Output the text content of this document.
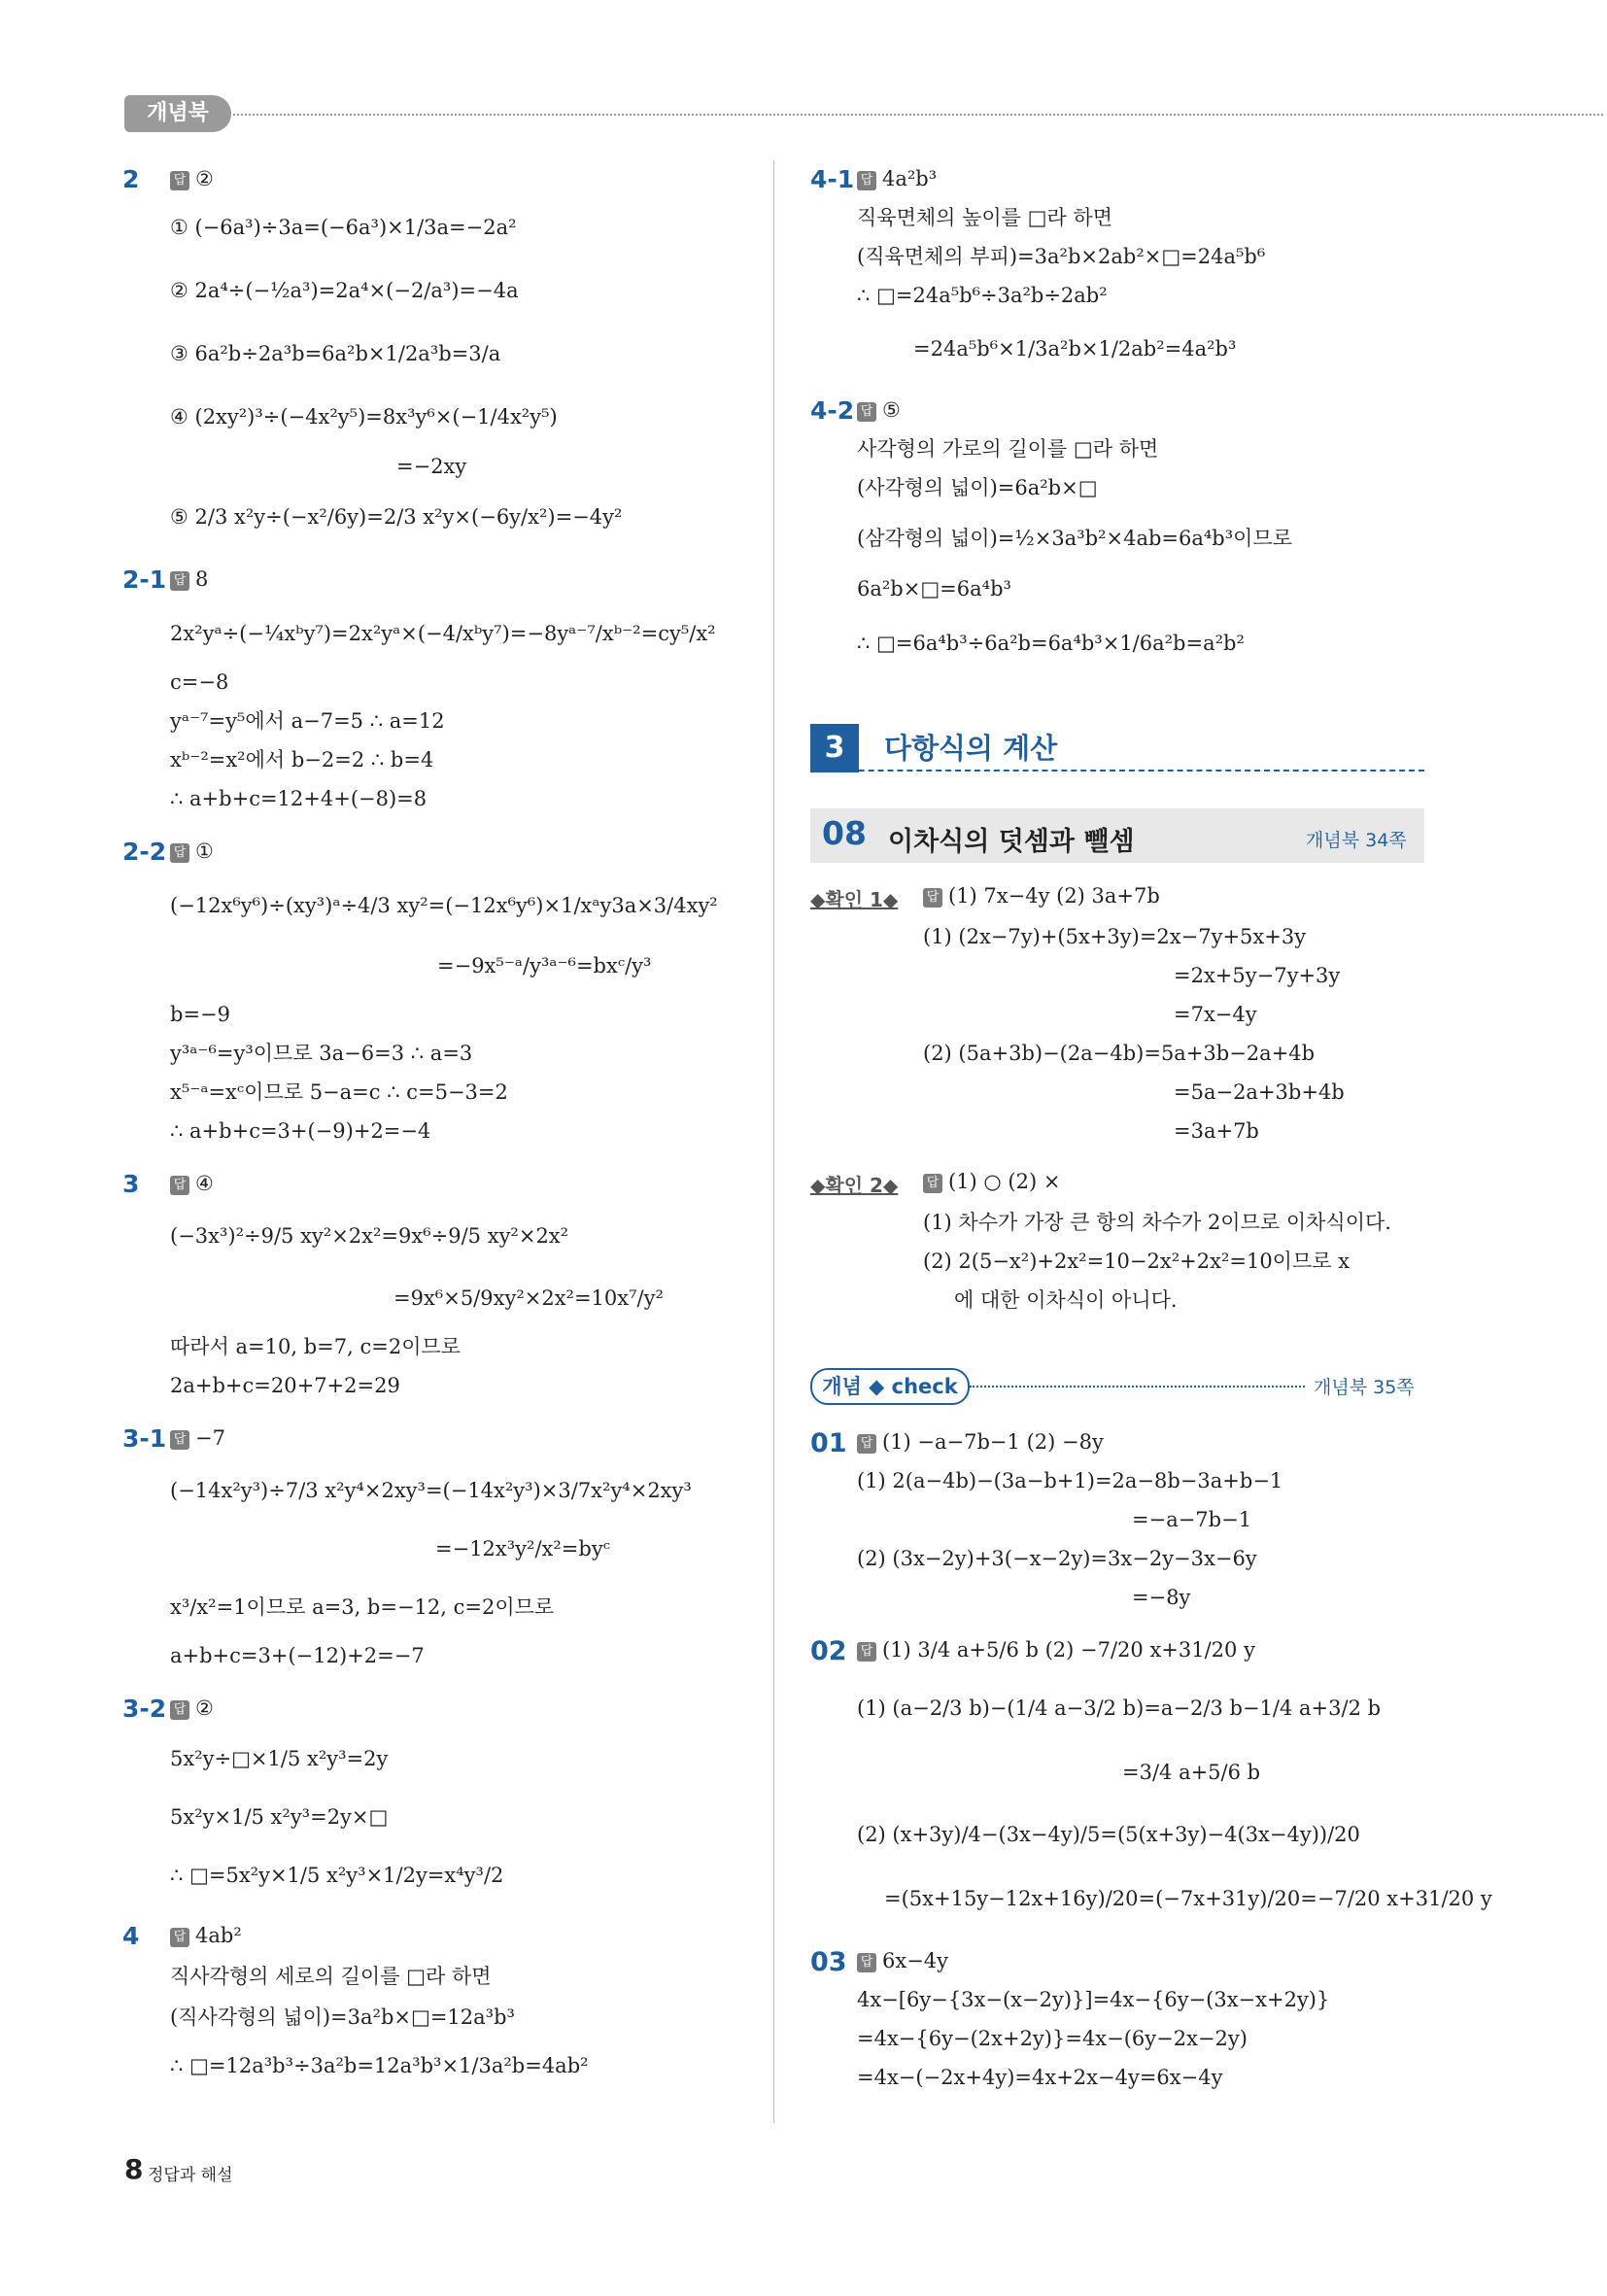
개념북
2	답 ②
① (−6a³)÷3a=(−6a³)×1/3a=−2a²
② 2a⁴÷(−½a³)=2a⁴×(−2/a³)=−4a
③ 6a²b÷2a³b=6a²b×1/2a³b=3/a
④ (2xy²)³÷(−4x²y⁵)=8x³y⁶×(−1/4x²y⁵)
=−2xy
⑤ 2/3 x²y÷(−x²/6y)=2/3 x²y×(−6y/x²)=−4y²
2-1 답 8
2x²yᵃ÷(−¼xᵇy⁷)=2x²yᵃ×(−4/xᵇy⁷)=−8yᵃ⁻⁷/xᵇ⁻²=cy⁵/x²
c=−8
yᵃ⁻⁷=y⁵에서 a−7=5 ∴ a=12
xᵇ⁻²=x²에서 b−2=2 ∴ b=4
∴ a+b+c=12+4+(−8)=8
2-2 답 ①
(−12x⁶y⁶)÷(xy³)ᵃ÷4/3 xy²=(−12x⁶y⁶)×1/xᵃy3a×3/4xy²
=−9x⁵⁻ᵃ/y³ᵃ⁻⁶=bxᶜ/y³
b=−9
y³ᵃ⁻⁶=y³이므로 3a−6=3 ∴ a=3
x⁵⁻ᵃ=xᶜ이므로 5−a=c ∴ c=5−3=2
∴ a+b+c=3+(−9)+2=−4
3	답 ④
(−3x³)²÷9/5 xy²×2x²=9x⁶÷9/5 xy²×2x²
=9x⁶×5/9xy²×2x²=10x⁷/y²
따라서 a=10, b=7, c=2이므로
2a+b+c=20+7+2=29
3-1 답 −7
(−14x²y³)÷7/3 x²y⁴×2xy³=(−14x²y³)×3/7x²y⁴×2xy³
=−12x³y²/x²=byᶜ
x³/x²=1이므로 a=3, b=−12, c=2이므로
a+b+c=3+(−12)+2=−7
3-2 답 ②
5x²y÷□×1/5 x²y³=2y
5x²y×1/5 x²y³=2y×□
∴ □=5x²y×1/5 x²y³×1/2y=x⁴y³/2
4	답 4ab²
직사각형의 세로의 길이를 □라 하면
(직사각형의 넓이)=3a²b×□=12a³b³
∴ □=12a³b³÷3a²b=12a³b³×1/3a²b=4ab²
4-1 답 4a²b³
직육면체의 높이를 □라 하면
(직육면체의 부피)=3a²b×2ab²×□=24a⁵b⁶
∴ □=24a⁵b⁶÷3a²b÷2ab²
=24a⁵b⁶×1/3a²b×1/2ab²=4a²b³
4-2 답 ⑤
사각형의 가로의 길이를 □라 하면
(사각형의 넓이)=6a²b×□
(삼각형의 넓이)=½×3a³b²×4ab=6a⁴b³이므로
6a²b×□=6a⁴b³
∴ □=6a⁴b³÷6a²b=6a⁴b³×1/6a²b=a²b²
3	다항식의 계산
08 이차식의 덧셈과 뺄셈	개념북 34쪽
◆확인 1◆ 답 (1) 7x−4y (2) 3a+7b
(1) (2x−7y)+(5x+3y)=2x−7y+5x+3y
=2x+5y−7y+3y
=7x−4y
(2) (5a+3b)−(2a−4b)=5a+3b−2a+4b
=5a−2a+3b+4b
=3a+7b
◆확인 2◆ 답 (1) ○ (2) ×
(1) 차수가 가장 큰 항의 차수가 2이므로 이차식이다.
(2) 2(5−x²)+2x²=10−2x²+2x²=10이므로 x
에 대한 이차식이 아니다.
개념 ◆ check	개념북 35쪽
01 답 (1) −a−7b−1 (2) −8y
(1) 2(a−4b)−(3a−b+1)=2a−8b−3a+b−1
=−a−7b−1
(2) (3x−2y)+3(−x−2y)=3x−2y−3x−6y
=−8y
02 답 (1) 3/4 a+5/6 b (2) −7/20 x+31/20 y
(1) (a−2/3 b)−(1/4 a−3/2 b)=a−2/3 b−1/4 a+3/2 b
=3/4 a+5/6 b
(2) (x+3y)/4−(3x−4y)/5=(5(x+3y)−4(3x−4y))/20
=(5x+15y−12x+16y)/20=(−7x+31y)/20=−7/20 x+31/20 y
03 답 6x−4y
4x−[6y−{3x−(x−2y)}]=4x−{6y−(3x−x+2y)}
=4x−{6y−(2x+2y)}=4x−(6y−2x−2y)
=4x−(−2x+4y)=4x+2x−4y=6x−4y
8 정답과 해설
